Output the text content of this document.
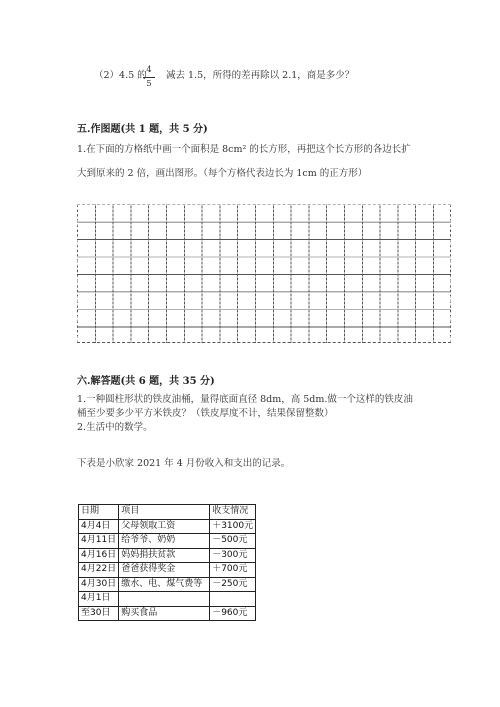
（2）4.5 的 4
5
减去 1.5，所得的差再除以 2.1，商是多少？
五.作图题(共 1 题，共 5 分)
1.在下面的方格纸中画一个面积是 8cm² 的长方形，再把这个长方形的各边长扩
大到原来的 2 倍，画出图形。（每个方格代表边长为 1cm 的正方形）
六.解答题(共 6 题，共 35 分)
1.一种圆柱形状的铁皮油桶，量得底面直径 8dm，高 5dm.做一个这样的铁皮油
桶至少要多少平方米铁皮？（铁皮厚度不计，结果保留整数）
2.生活中的数学。
下表是小欣家 2021 年 4 月份收入和支出的记录。
日期	项目	收支情况
4月4日	父母领取工资	＋3100元
4月11日	给爷爷、奶奶	－500元
4月16日	妈妈捐扶贫款	－300元
4月22日	爸爸获得奖金	＋700元
4月30日	缴水、电、煤气费等	－250元
4月1日		
至30日	购买食品	－960元
